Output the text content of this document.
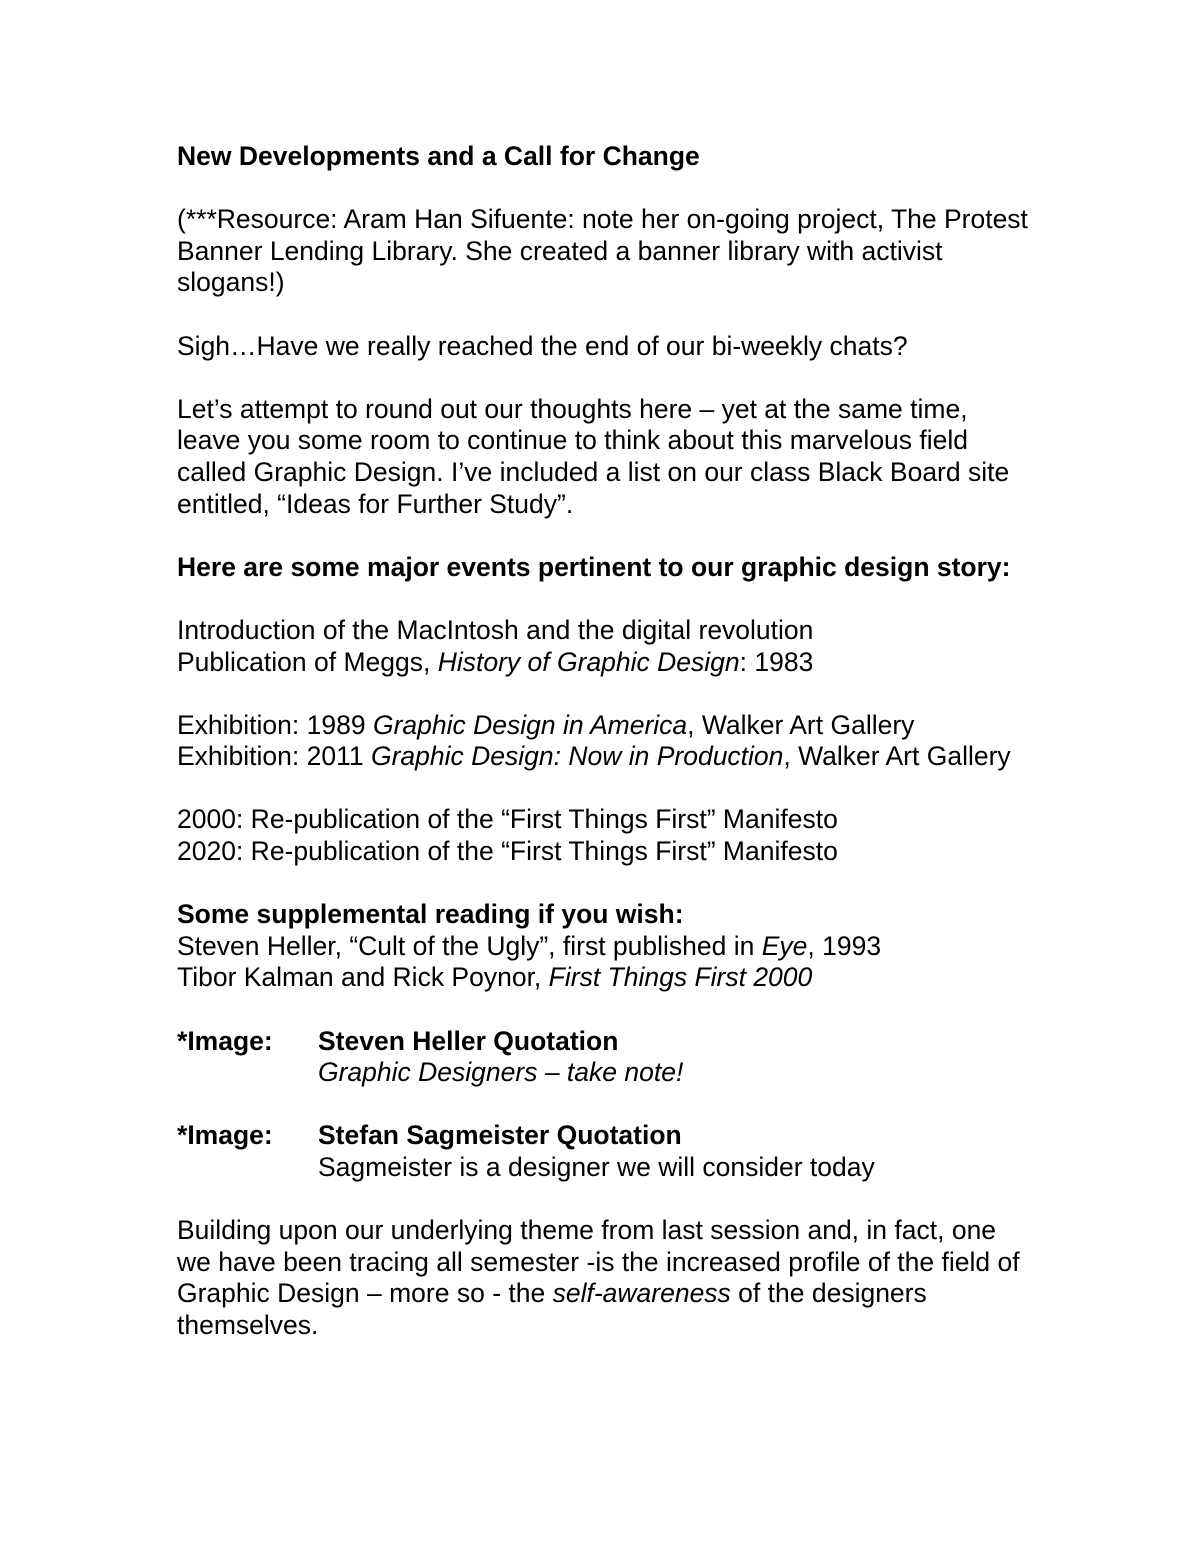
New Developments and a Call for Change

(***Resource: Aram Han Sifuente: note her on-going project, The Protest Banner Lending Library. She created a banner library with activist slogans!)

Sigh…Have we really reached the end of our bi-weekly chats?

Let’s attempt to round out our thoughts here – yet at the same time, leave you some room to continue to think about this marvelous field called Graphic Design. I’ve included a list on our class Black Board site entitled, “Ideas for Further Study”.

Here are some major events pertinent to our graphic design story:

Introduction of the MacIntosh and the digital revolution

Publication of Meggs, History of Graphic Design: 1983

Exhibition: 1989 Graphic Design in America, Walker Art Gallery

Exhibition: 2011 Graphic Design: Now in Production, Walker Art Gallery

2000: Re-publication of the “First Things First” Manifesto

2020: Re-publication of the “First Things First” Manifesto

Some supplemental reading if you wish:

Steven Heller, “Cult of the Ugly”, first published in Eye, 1993

Tibor Kalman and Rick Poynor, First Things First 2000

*Image:	Steven Heller Quotation

Graphic Designers – take note!

*Image:	Stefan Sagmeister Quotation

Sagmeister is a designer we will consider today

Building upon our underlying theme from last session and, in fact, one we have been tracing all semester -is the increased profile of the field of Graphic Design – more so - the self-awareness of the designers themselves.
